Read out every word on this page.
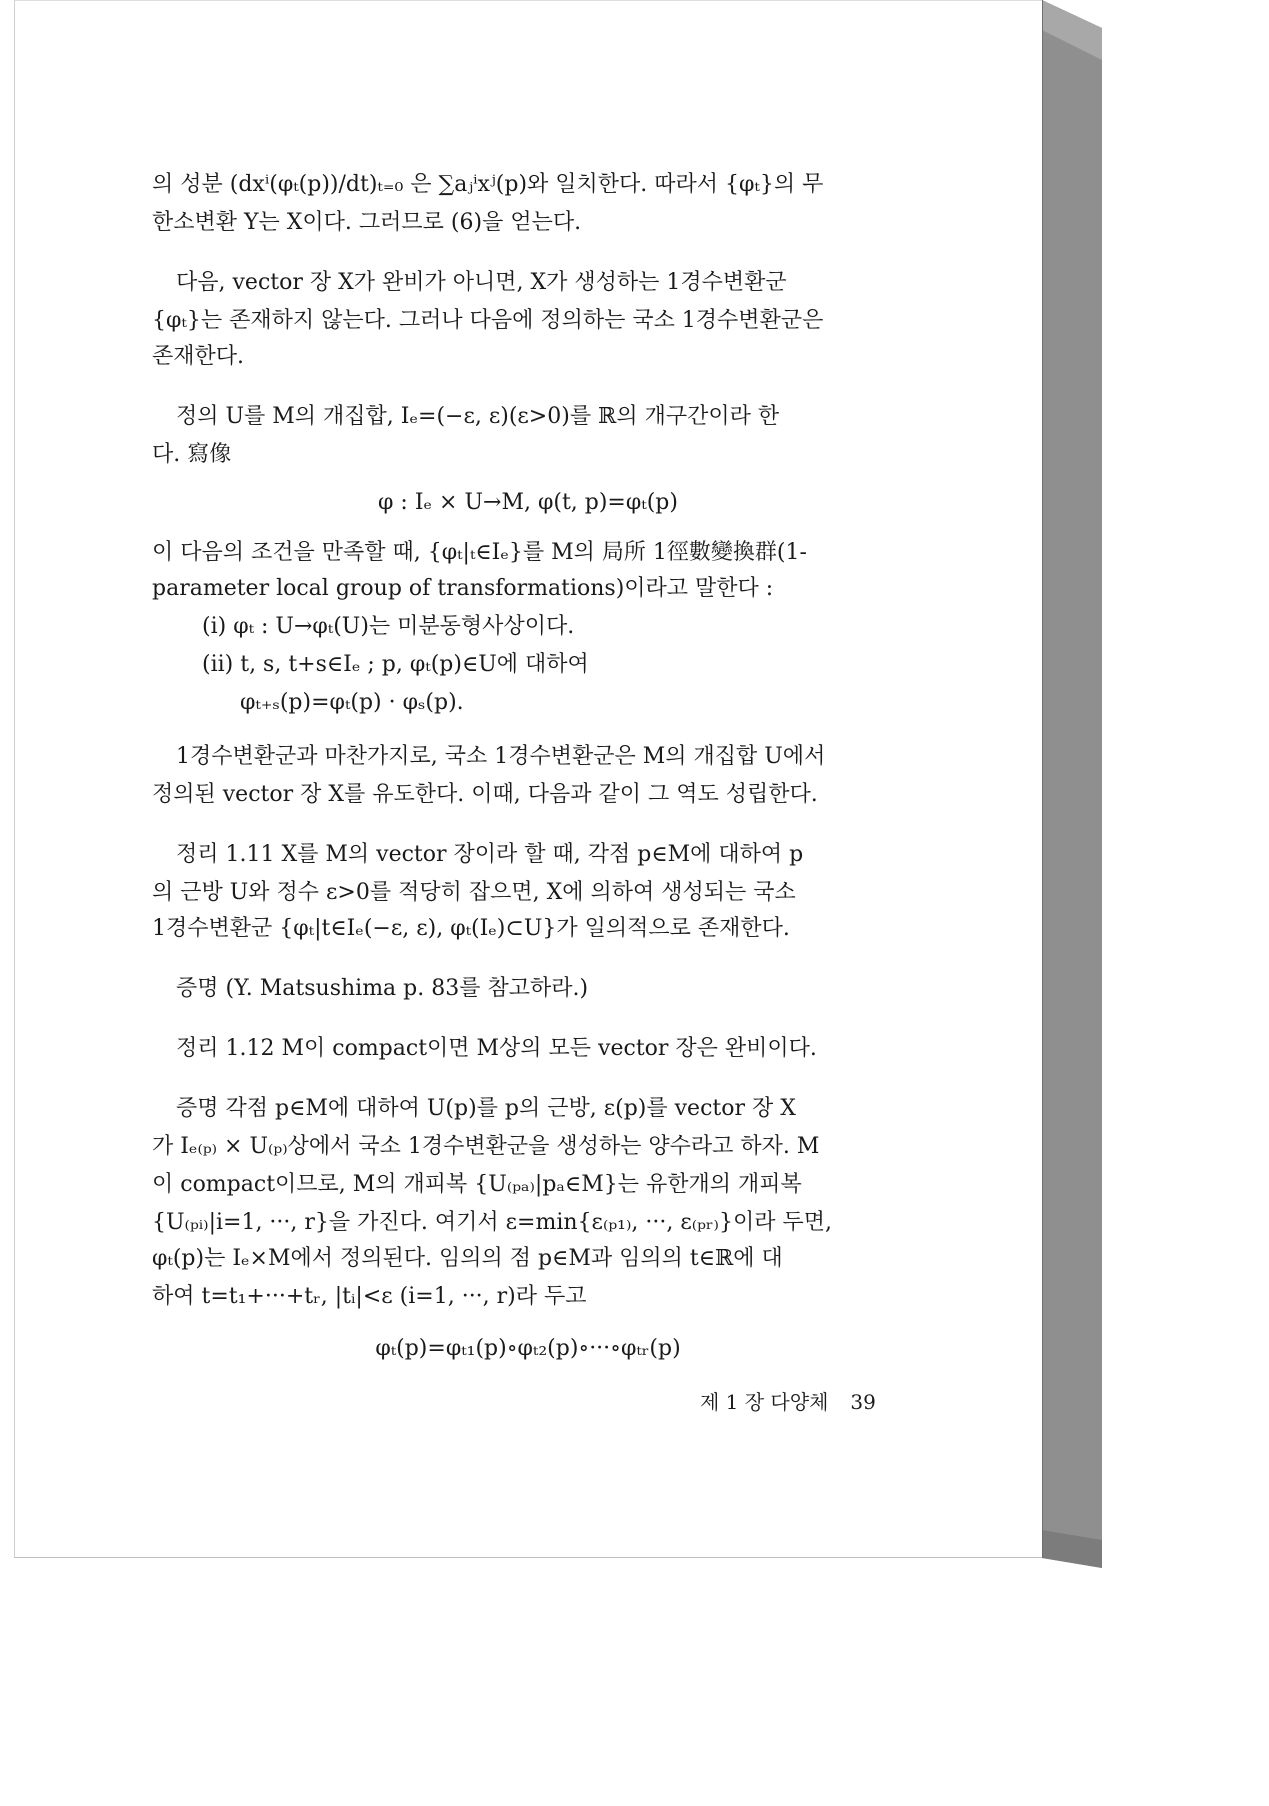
의 성분 (dxⁱ(φₜ(p))/dt)ₜ₌₀ 은 ∑aⱼⁱxʲ(p)와 일치한다. 따라서 {φₜ}의 무
한소변환 Y는 X이다. 그러므로 (6)을 얻는다.
다음, vector 장 X가 완비가 아니면, X가 생성하는 1경수변환군
{φₜ}는 존재하지 않는다. 그러나 다음에 정의하는 국소 1경수변환군은
존재한다.
정의 U를 M의 개집합, Iₑ=(−ε, ε)(ε>0)를 ℝ의 개구간이라 한
다. 寫像
φ : Iₑ × U→M, φ(t, p)=φₜ(p)
이 다음의 조건을 만족할 때, {φₜ|ₜ∈Iₑ}를 M의 局所 1徑數變換群(1-
parameter local group of transformations)이라고 말한다 :
(i) φₜ : U→φₜ(U)는 미분동형사상이다.
(ii) t, s, t+s∈Iₑ ; p, φₜ(p)∈U에 대하여
φₜ₊ₛ(p)=φₜ(p) · φₛ(p).
1경수변환군과 마찬가지로, 국소 1경수변환군은 M의 개집합 U에서
정의된 vector 장 X를 유도한다. 이때, 다음과 같이 그 역도 성립한다.
정리 1.11 X를 M의 vector 장이라 할 때, 각점 p∈M에 대하여 p
의 근방 U와 정수 ε>0를 적당히 잡으면, X에 의하여 생성되는 국소
1경수변환군 {φₜ|t∈Iₑ(−ε, ε), φₜ(Iₑ)⊂U}가 일의적으로 존재한다.
증명 (Y. Matsushima p. 83를 참고하라.)
정리 1.12 M이 compact이면 M상의 모든 vector 장은 완비이다.
증명 각점 p∈M에 대하여 U(p)를 p의 근방, ε(p)를 vector 장 X
가 Iₑ₍ₚ₎ × U₍ₚ₎상에서 국소 1경수변환군을 생성하는 양수라고 하자. M
이 compact이므로, M의 개피복 {U₍ₚₐ₎|pₐ∈M}는 유한개의 개피복
{U₍ₚᵢ₎|i=1, ···, r}을 가진다. 여기서 ε=min{ε₍ₚ₁₎, ···, ε₍ₚᵣ₎}이라 두면,
φₜ(p)는 Iₑ×M에서 정의된다. 임의의 점 p∈M과 임의의 t∈ℝ에 대
하여 t=t₁+···+tᵣ, |tᵢ|<ε (i=1, ···, r)라 두고
φₜ(p)=φₜ₁(p)∘φₜ₂(p)∘···∘φₜᵣ(p)
제 1 장 다양체 39
